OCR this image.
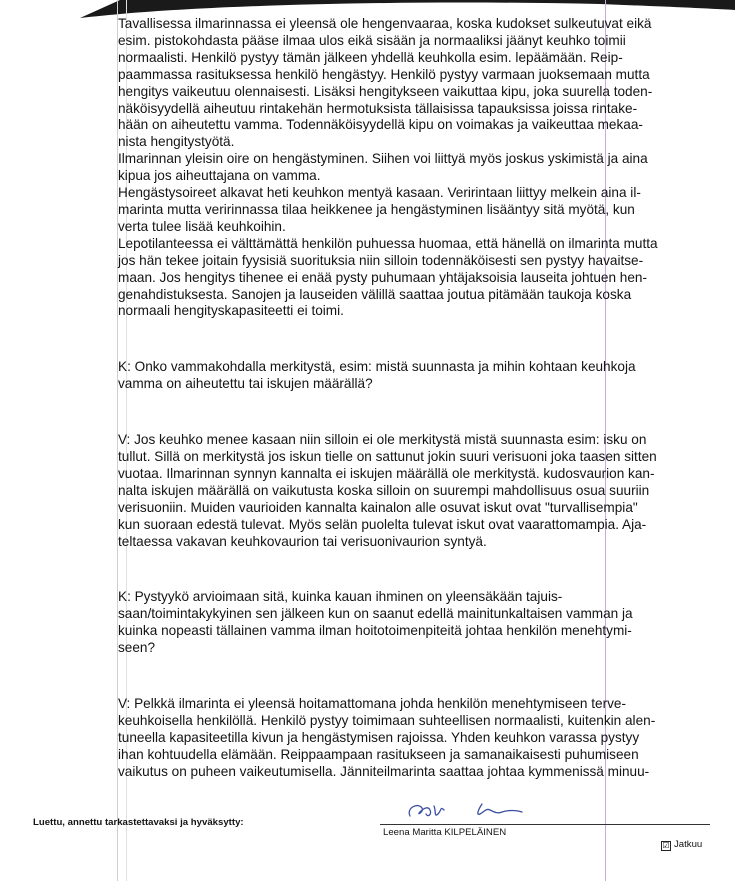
Tavallisessa ilmarinnassa ei yleensä ole hengenvaaraa, koska kudokset sulkeutuvat eikä
esim. pistokohdasta pääse ilmaa ulos eikä sisään ja normaaliksi jäänyt keuhko toimii
normaalisti. Henkilö pystyy tämän jälkeen yhdellä keuhkolla esim. lepäämään. Reip-
paammassa rasituksessa henkilö hengästyy. Henkilö pystyy varmaan juoksemaan mutta
hengitys vaikeutuu olennaisesti. Lisäksi hengitykseen vaikuttaa kipu, joka suurella toden-
näköisyydellä aiheutuu rintakehän hermotuksista tällaisissa tapauksissa joissa rintake-
hään on aiheutettu vamma. Todennäköisyydellä kipu on voimakas ja vaikeuttaa mekaa-
nista hengitystyötä.

Ilmarinnan yleisin oire on hengästyminen. Siihen voi liittyä myös joskus yskimistä ja aina
kipua jos aiheuttajana on vamma.

Hengästysoireet alkavat heti keuhkon mentyä kasaan. Veririntaan liittyy melkein aina il-
marinta mutta veririnnassa tilaa heikkenee ja hengästyminen lisääntyy sitä myötä, kun
verta tulee lisää keuhkoihin.

Lepotilanteessa ei välttämättä henkilön puhuessa huomaa, että hänellä on ilmarinta mutta
jos hän tekee joitain fyysisiä suorituksia niin silloin todennäköisesti sen pystyy havaitse-
maan. Jos hengitys tihenee ei enää pysty puhumaan yhtäjaksoisia lauseita johtuen hen-
genahdistuksesta. Sanojen ja lauseiden välillä saattaa joutua pitämään taukoja koska
normaali hengityskapasiteetti ei toimi.

K: Onko vammakohdalla merkitystä, esim: mistä suunnasta ja mihin kohtaan keuhkoja
vamma on aiheutettu tai iskujen määrällä?

V: Jos keuhko menee kasaan niin silloin ei ole merkitystä mistä suunnasta esim: isku on
tullut. Sillä on merkitystä jos iskun tielle on sattunut jokin suuri verisuoni joka taasen sitten
vuotaa. Ilmarinnan synnyn kannalta ei iskujen määrällä ole merkitystä. kudosvaurion kan-
nalta iskujen määrällä on vaikutusta koska silloin on suurempi mahdollisuus osua suuriin
verisuoniin. Muiden vaurioiden kannalta kainalon alle osuvat iskut ovat "turvallisempia"
kun suoraan edestä tulevat. Myös selän puolelta tulevat iskut ovat vaarattomampia. Aja-
teltaessa vakavan keuhkovaurion tai verisuonivaurion syntyä.

K: Pystyykö arvioimaan sitä, kuinka kauan ihminen on yleensäkään tajuis-
saan/toimintakykyinen sen jälkeen kun on saanut edellä mainitunkaltaisen vamman ja
kuinka nopeasti tällainen vamma ilman hoitotoimenpiteitä johtaa henkilön menehtymi-
seen?

V: Pelkkä ilmarinta ei yleensä hoitamattomana johda henkilön menehtymiseen terve-
keuhkoisella henkilöllä. Henkilö pystyy toimimaan suhteellisen normaalisti, kuitenkin alen-
tuneella kapasiteetilla kivun ja hengästymisen rajoissa. Yhden keuhkon varassa pystyy
ihan kohtuudella elämään. Reippaampaan rasitukseen ja samanaikaisesti puhumiseen
vaikutus on puheen vaikeutumisella. Jänniteilmarinta saattaa johtaa kymmenissä minuu-

Luettu, annettu tarkastettavaksi ja hyväksytty:
Leena Maritta KILPELÄINEN
☑ Jatkuu
